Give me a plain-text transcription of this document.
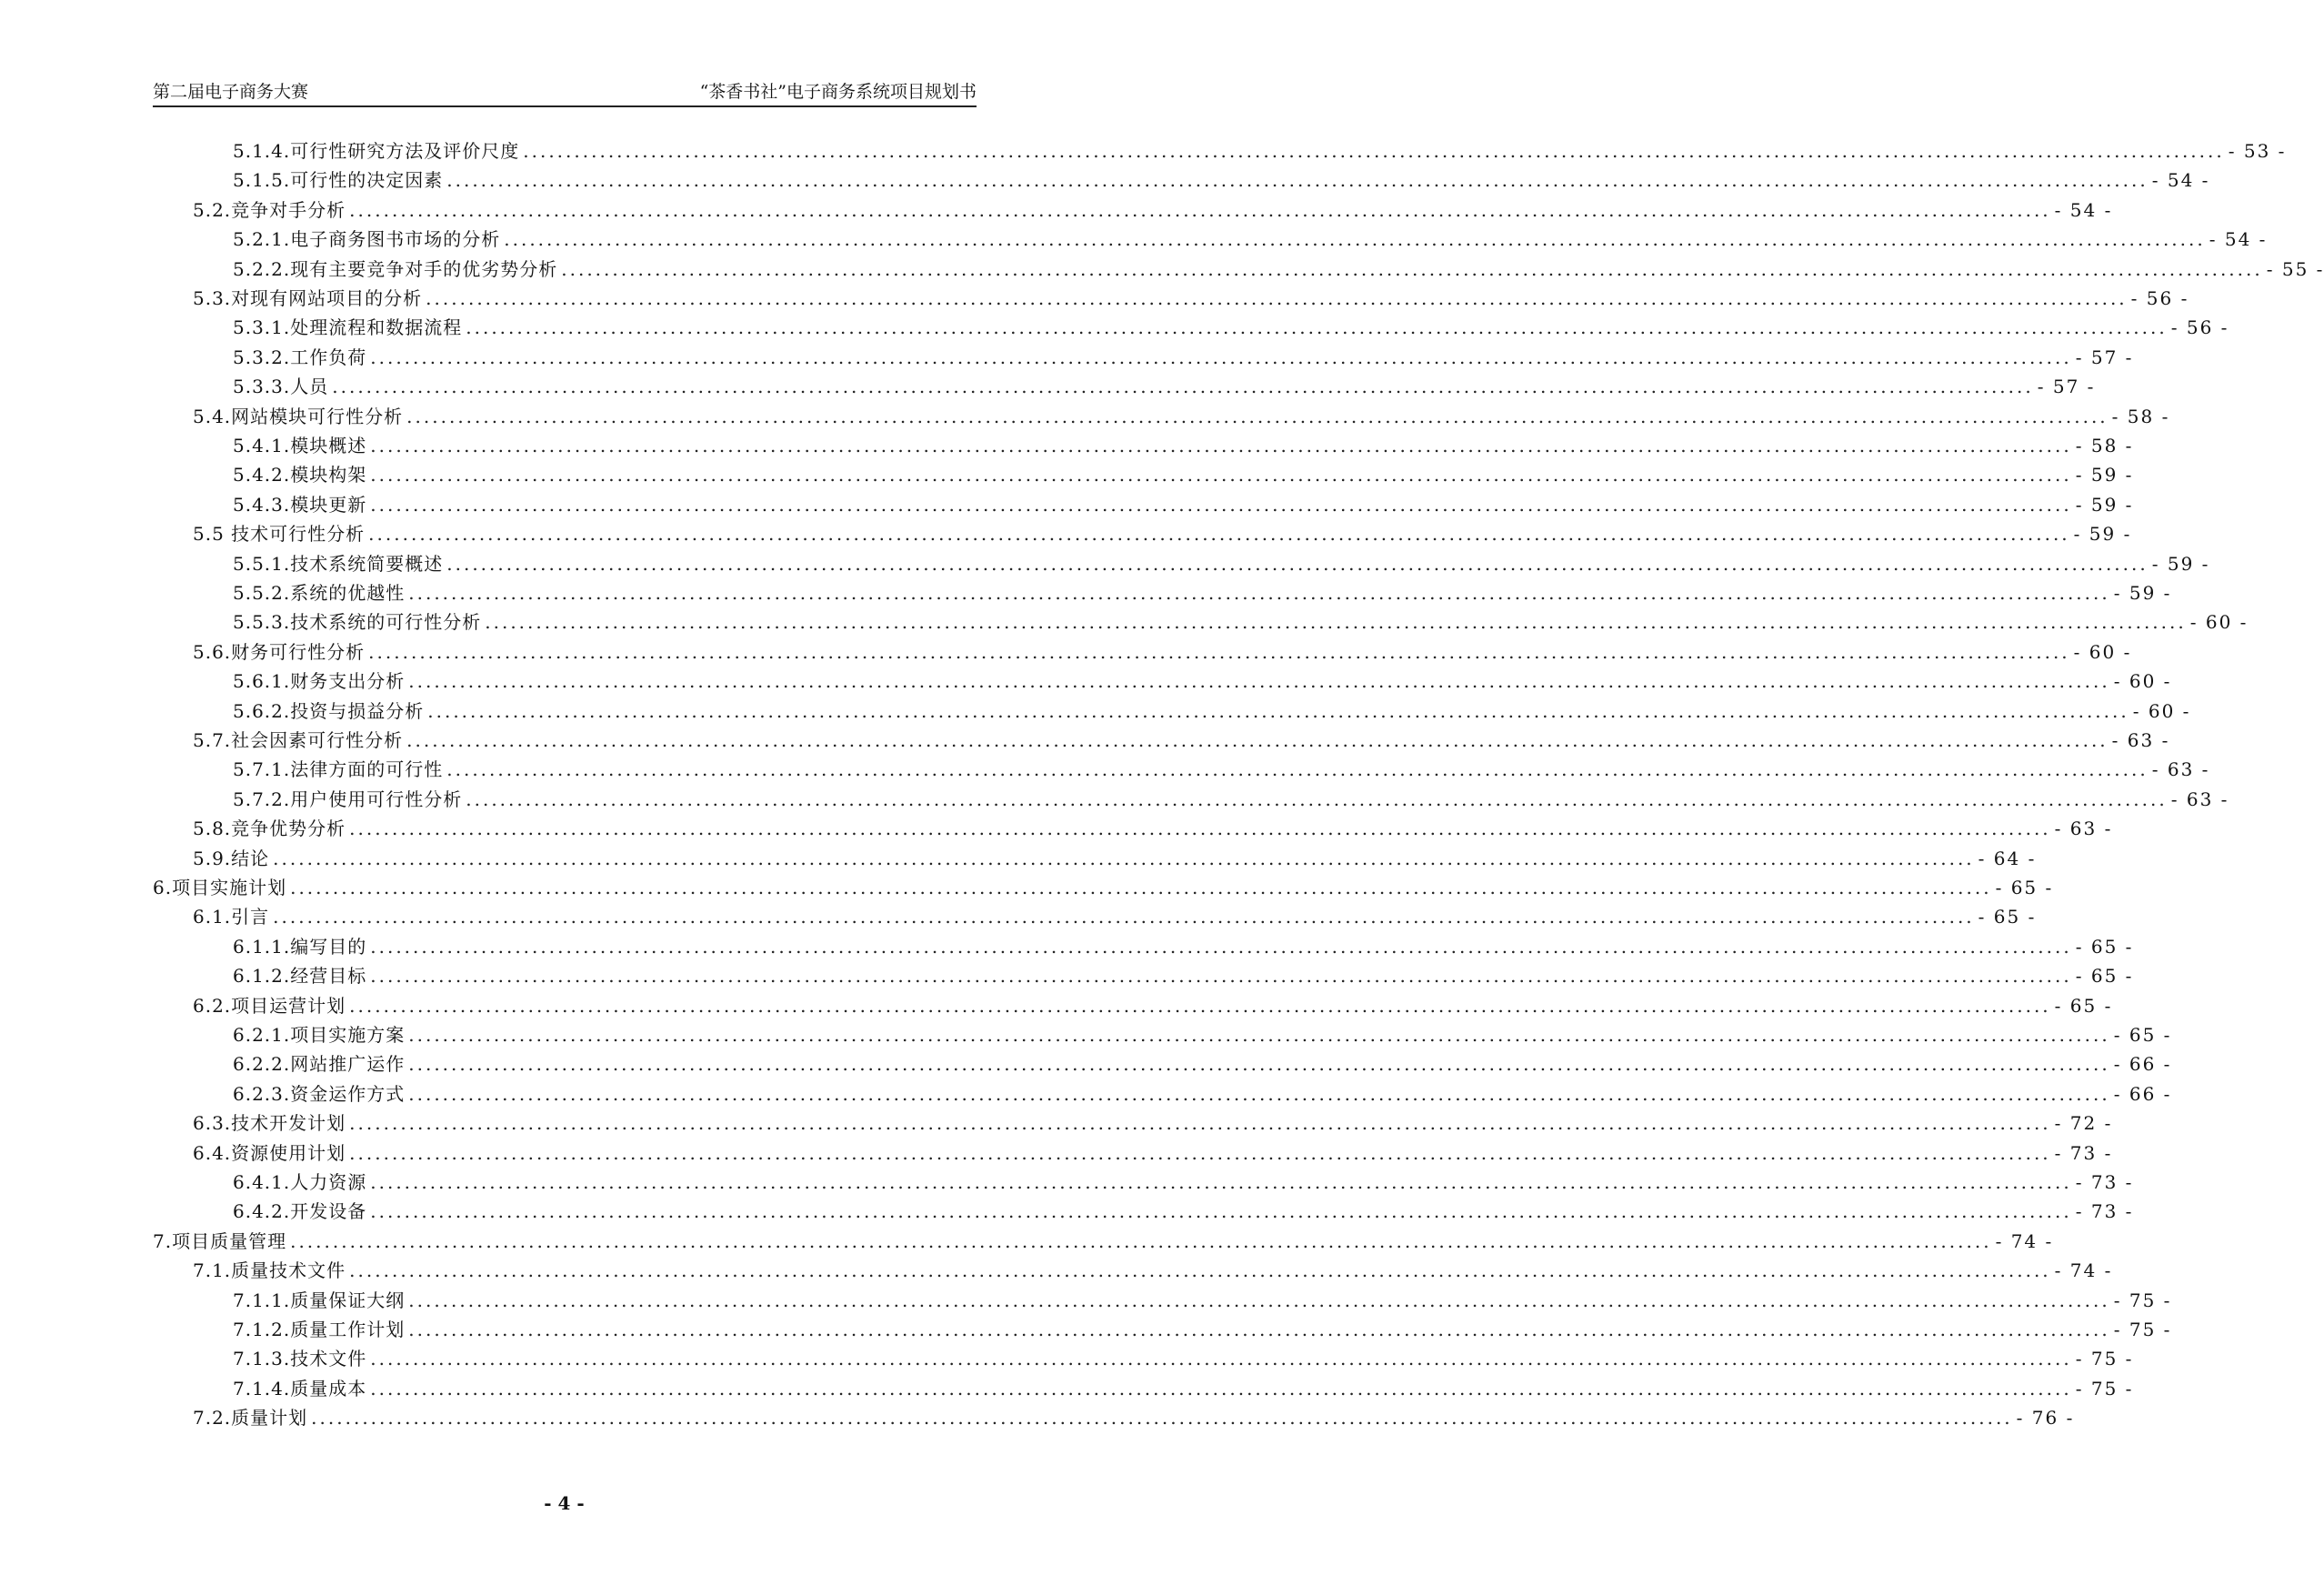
第二届电子商务大赛	“茶香书社”电子商务系统项目规划书
5.1.4.可行性研究方法及评价尺度 ........................................................................................................................................................................................................ - 53 -
5.1.5.可行性的决定因素 ........................................................................................................................................................................................................ - 54 -
5.2.竞争对手分析 ........................................................................................................................................................................................................ - 54 -
5.2.1.电子商务图书市场的分析 ........................................................................................................................................................................................................ - 54 -
5.2.2.现有主要竞争对手的优劣势分析 ........................................................................................................................................................................................................ - 55 -
5.3.对现有网站项目的分析 ........................................................................................................................................................................................................ - 56 -
5.3.1.处理流程和数据流程 ........................................................................................................................................................................................................ - 56 -
5.3.2.工作负荷 ........................................................................................................................................................................................................ - 57 -
5.3.3.人员 ........................................................................................................................................................................................................ - 57 -
5.4.网站模块可行性分析 ........................................................................................................................................................................................................ - 58 -
5.4.1.模块概述 ........................................................................................................................................................................................................ - 58 -
5.4.2.模块构架 ........................................................................................................................................................................................................ - 59 -
5.4.3.模块更新 ........................................................................................................................................................................................................ - 59 -
5.5 技术可行性分析 ........................................................................................................................................................................................................ - 59 -
5.5.1.技术系统简要概述 ........................................................................................................................................................................................................ - 59 -
5.5.2.系统的优越性 ........................................................................................................................................................................................................ - 59 -
5.5.3.技术系统的可行性分析 ........................................................................................................................................................................................................ - 60 -
5.6.财务可行性分析 ........................................................................................................................................................................................................ - 60 -
5.6.1.财务支出分析 ........................................................................................................................................................................................................ - 60 -
5.6.2.投资与损益分析 ........................................................................................................................................................................................................ - 60 -
5.7.社会因素可行性分析 ........................................................................................................................................................................................................ - 63 -
5.7.1.法律方面的可行性 ........................................................................................................................................................................................................ - 63 -
5.7.2.用户使用可行性分析 ........................................................................................................................................................................................................ - 63 -
5.8.竞争优势分析 ........................................................................................................................................................................................................ - 63 -
5.9.结论 ........................................................................................................................................................................................................ - 64 -
6.项目实施计划 ........................................................................................................................................................................................................ - 65 -
6.1.引言 ........................................................................................................................................................................................................ - 65 -
6.1.1.编写目的 ........................................................................................................................................................................................................ - 65 -
6.1.2.经营目标 ........................................................................................................................................................................................................ - 65 -
6.2.项目运营计划 ........................................................................................................................................................................................................ - 65 -
6.2.1.项目实施方案 ........................................................................................................................................................................................................ - 65 -
6.2.2.网站推广运作 ........................................................................................................................................................................................................ - 66 -
6.2.3.资金运作方式 ........................................................................................................................................................................................................ - 66 -
6.3.技术开发计划 ........................................................................................................................................................................................................ - 72 -
6.4.资源使用计划 ........................................................................................................................................................................................................ - 73 -
6.4.1.人力资源 ........................................................................................................................................................................................................ - 73 -
6.4.2.开发设备 ........................................................................................................................................................................................................ - 73 -
7.项目质量管理 ........................................................................................................................................................................................................ - 74 -
7.1.质量技术文件 ........................................................................................................................................................................................................ - 74 -
7.1.1.质量保证大纲 ........................................................................................................................................................................................................ - 75 -
7.1.2.质量工作计划 ........................................................................................................................................................................................................ - 75 -
7.1.3.技术文件 ........................................................................................................................................................................................................ - 75 -
7.1.4.质量成本 ........................................................................................................................................................................................................ - 75 -
7.2.质量计划 ........................................................................................................................................................................................................ - 76 -
- 4 -
